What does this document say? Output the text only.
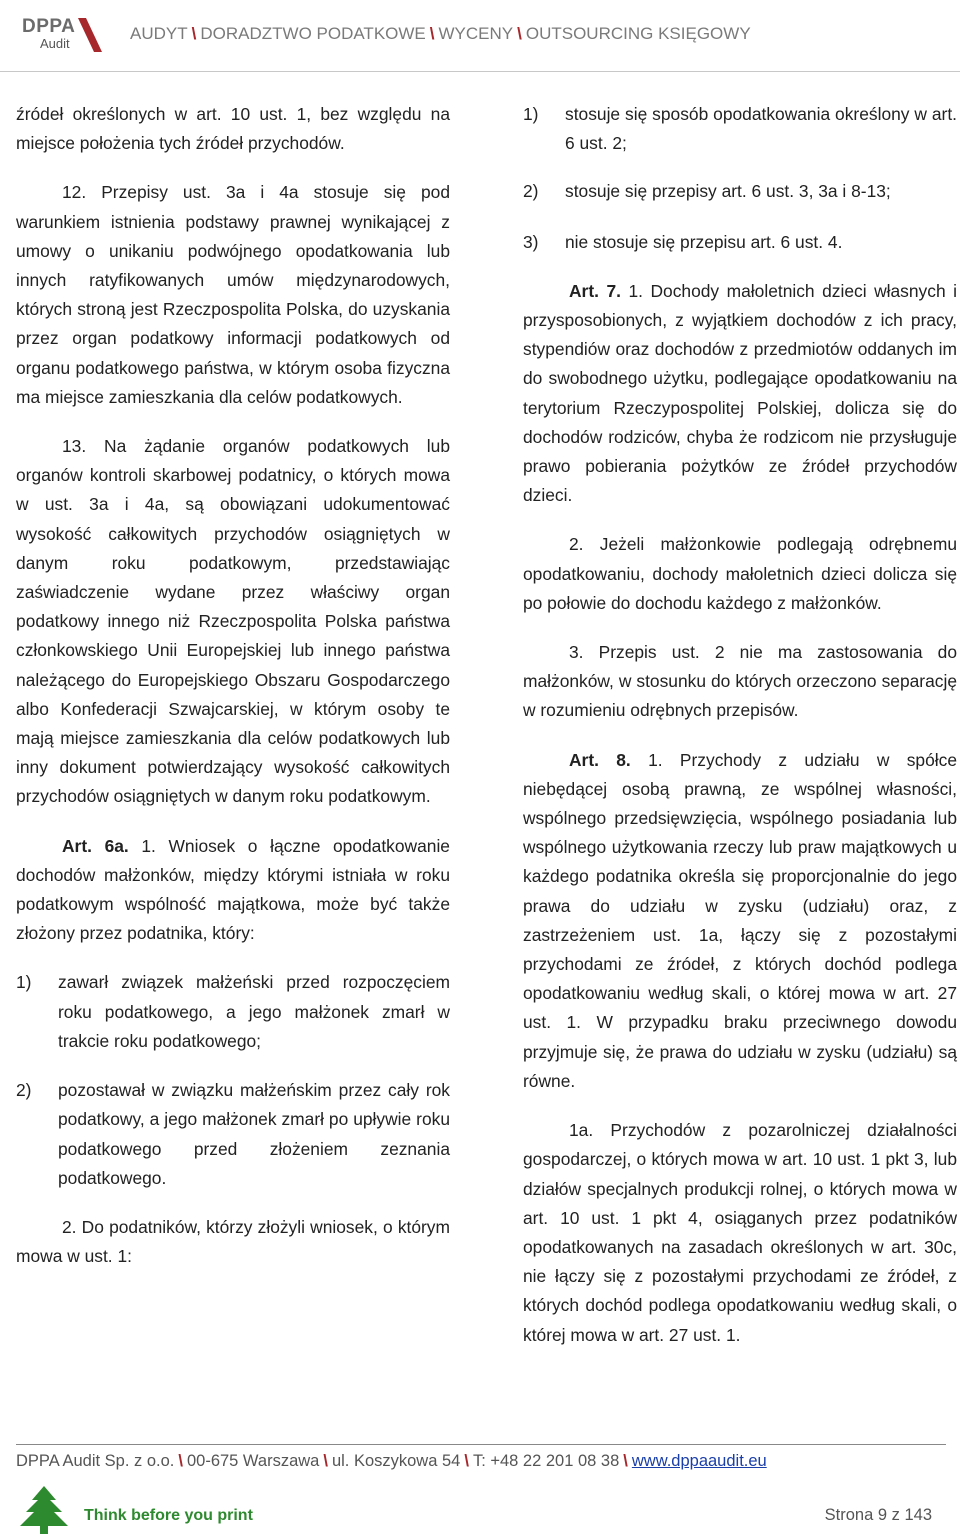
DPPA
Audit
AUDYT \ DORADZTWO PODATKOWE \ WYCENY \ OUTSOURCING KSIĘGOWY

źródeł określonych w art. 10 ust. 1, bez względu na miejsce położenia tych źródeł przychodów.

12. Przepisy ust. 3a i 4a stosuje się pod warunkiem istnienia podstawy prawnej wynikającej z umowy o unikaniu podwójnego opodatkowania lub innych ratyfikowanych umów międzynarodowych, których stroną jest Rzeczpospolita Polska, do uzyskania przez organ podatkowy informacji podatkowych od organu podatkowego państwa, w którym osoba fizyczna ma miejsce zamieszkania dla celów podatkowych.

13. Na żądanie organów podatkowych lub organów kontroli skarbowej podatnicy, o których mowa w ust. 3a i 4a, są obowiązani udokumentować wysokość całkowitych przychodów osiągniętych w danym roku podatkowym, przedstawiając zaświadczenie wydane przez właściwy organ podatkowy innego niż Rzeczpospolita Polska państwa członkowskiego Unii Europejskiej lub innego państwa należącego do Europejskiego Obszaru Gospodarczego albo Konfederacji Szwajcarskiej, w którym osoby te mają miejsce zamieszkania dla celów podatkowych lub inny dokument potwierdzający wysokość całkowitych przychodów osiągniętych w danym roku podatkowym.

Art. 6a. 1. Wniosek o łączne opodatkowanie dochodów małżonków, między którymi istniała w roku podatkowym wspólność majątkowa, może być także złożony przez podatnika, który:

1) zawarł związek małżeński przed rozpoczęciem roku podatkowego, a jego małżonek zmarł w trakcie roku podatkowego;
2) pozostawał w związku małżeńskim przez cały rok podatkowy, a jego małżonek zmarł po upływie roku podatkowego przed złożeniem zeznania podatkowego.

2. Do podatników, którzy złożyli wniosek, o którym mowa w ust. 1:

1) stosuje się sposób opodatkowania określony w art. 6 ust. 2;
2) stosuje się przepisy art. 6 ust. 3, 3a i 8-13;
3) nie stosuje się przepisu art. 6 ust. 4.

Art. 7. 1. Dochody małoletnich dzieci własnych i przysposobionych, z wyjątkiem dochodów z ich pracy, stypendiów oraz dochodów z przedmiotów oddanych im do swobodnego użytku, podlegające opodatkowaniu na terytorium Rzeczypospolitej Polskiej, dolicza się do dochodów rodziców, chyba że rodzicom nie przysługuje prawo pobierania pożytków ze źródeł przychodów dzieci.

2. Jeżeli małżonkowie podlegają odrębnemu opodatkowaniu, dochody małoletnich dzieci dolicza się po połowie do dochodu każdego z małżonków.

3. Przepis ust. 2 nie ma zastosowania do małżonków, w stosunku do których orzeczono separację w rozumieniu odrębnych przepisów.

Art. 8. 1. Przychody z udziału w spółce niebędącej osobą prawną, ze wspólnej własności, wspólnego przedsięwzięcia, wspólnego posiadania lub wspólnego użytkowania rzeczy lub praw majątkowych u każdego podatnika określa się proporcjonalnie do jego prawa do udziału w zysku (udziału) oraz, z zastrzeżeniem ust. 1a, łączy się z pozostałymi przychodami ze źródeł, z których dochód podlega opodatkowaniu według skali, o której mowa w art. 27 ust. 1. W przypadku braku przeciwnego dowodu przyjmuje się, że prawa do udziału w zysku (udziału) są równe.

1a. Przychodów z pozarolniczej działalności gospodarczej, o których mowa w art. 10 ust. 1 pkt 3, lub działów specjalnych produkcji rolnej, o których mowa w art. 10 ust. 1 pkt 4, osiąganych przez podatników opodatkowanych na zasadach określonych w art. 30c, nie łączy się z pozostałymi przychodami ze źródeł, z których dochód podlega opodatkowaniu według skali, o której mowa w art. 27 ust. 1.

DPPA Audit Sp. z o.o. \ 00-675 Warszawa \ ul. Koszykowa 54 \ T: +48 22 201 08 38 \ www.dppaaudit.eu
Think before you print	Strona 9 z 143
